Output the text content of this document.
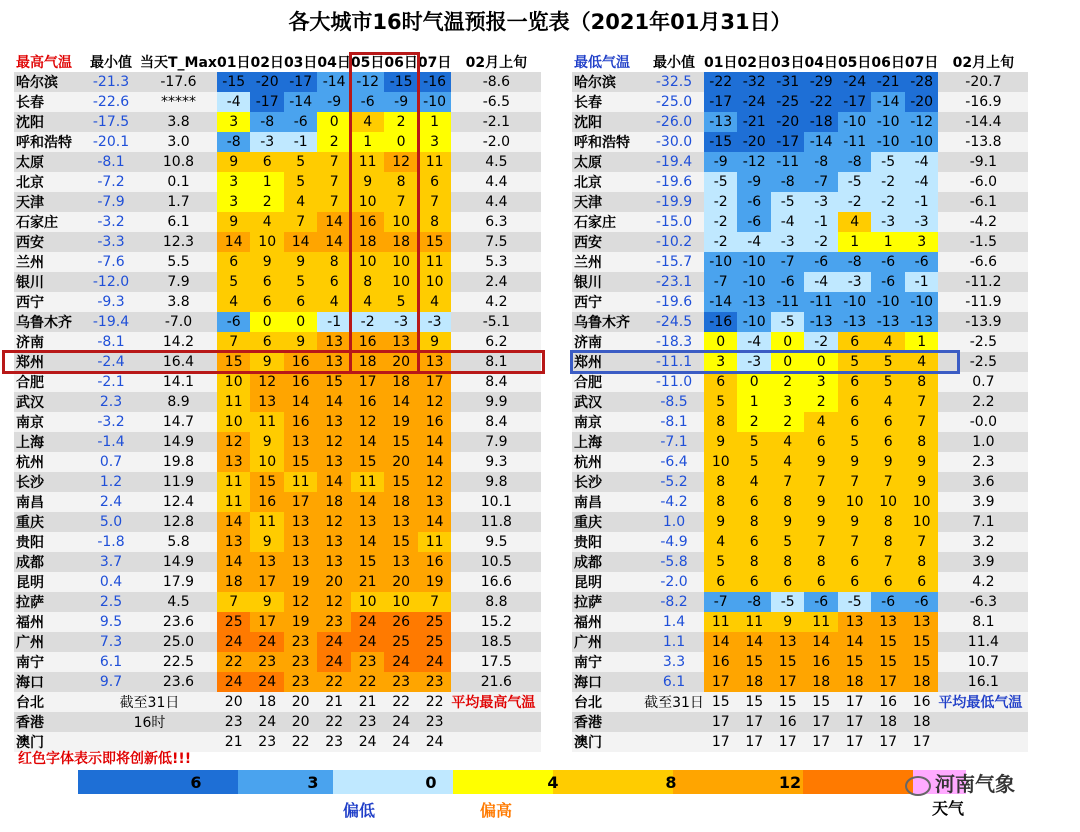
各大城市16时气温预报一览表（2021年01月31日）
最高气温	最小值	当天T_Max	01日	02日	03日	04日	05日	06日	07日	02月上旬
哈尔滨	-21.3	-17.6	-15	-20	-17	-14	-12	-15	-16	-8.6
长春	-22.6	*****	-4	-17	-14	-9	-6	-9	-10	-6.5
沈阳	-17.5	3.8	3	-8	-6	0	4	2	1	-2.1
呼和浩特	-20.1	3.0	-8	-3	-1	2	1	0	3	-2.0
太原	-8.1	10.8	9	6	5	7	11	12	11	4.5
北京	-7.2	0.1	3	1	5	7	9	8	6	4.4
天津	-7.9	1.7	3	2	4	7	10	7	7	4.4
石家庄	-3.2	6.1	9	4	7	14	16	10	8	6.3
西安	-3.3	12.3	14	10	14	14	18	18	15	7.5
兰州	-7.6	5.5	6	9	9	8	10	10	11	5.3
银川	-12.0	7.9	5	6	5	6	8	10	10	2.4
西宁	-9.3	3.8	4	6	6	4	4	5	4	4.2
乌鲁木齐	-19.4	-7.0	-6	0	0	-1	-2	-3	-3	-5.1
济南	-8.1	14.2	7	6	9	13	16	13	9	6.2
郑州	-2.4	16.4	15	9	16	13	18	20	13	8.1
合肥	-2.1	14.1	10	12	16	15	17	18	17	8.4
武汉	2.3	8.9	11	13	14	14	16	14	12	9.9
南京	-3.2	14.7	10	11	16	13	12	19	16	8.4
上海	-1.4	14.9	12	9	13	12	14	15	14	7.9
杭州	0.7	19.8	13	10	15	13	15	20	14	9.3
长沙	1.2	11.9	11	15	11	14	11	15	12	9.8
南昌	2.4	12.4	11	16	17	18	14	18	13	10.1
重庆	5.0	12.8	14	11	13	12	13	13	14	11.8
贵阳	-1.8	5.8	13	9	13	13	14	15	11	9.5
成都	3.7	14.9	14	13	13	13	15	13	16	10.5
昆明	0.4	17.9	18	17	19	20	21	20	19	16.6
拉萨	2.5	4.5	7	9	12	12	10	10	7	8.8
福州	9.5	23.6	25	17	19	23	24	26	25	15.2
广州	7.3	25.0	24	24	23	24	24	25	25	18.5
南宁	6.1	22.5	22	23	23	24	23	24	24	17.5
海口	9.7	23.6	24	24	23	22	22	23	23	21.6
台北	截至31日		20	18	20	21	21	22	22	平均最高气温
香港	16时		23	24	20	22	23	24	23	
澳门			21	23	22	23	24	24	24	
最低气温	最小值	01日	02日	03日	04日	05日	06日	07日	02月上旬
哈尔滨	-32.5	-22	-32	-31	-29	-24	-21	-28	-20.7
长春	-25.0	-17	-24	-25	-22	-17	-14	-20	-16.9
沈阳	-26.0	-13	-21	-20	-18	-10	-10	-12	-14.4
呼和浩特	-30.0	-15	-20	-17	-14	-11	-10	-10	-13.8
太原	-19.4	-9	-12	-11	-8	-8	-5	-4	-9.1
北京	-19.6	-5	-9	-8	-7	-5	-2	-4	-6.0
天津	-19.9	-2	-6	-5	-3	-2	-2	-1	-6.1
石家庄	-15.0	-2	-6	-4	-1	4	-3	-3	-4.2
西安	-10.2	-2	-4	-3	-2	1	1	3	-1.5
兰州	-15.7	-10	-10	-7	-6	-8	-6	-6	-6.6
银川	-23.1	-7	-10	-6	-4	-3	-6	-1	-11.2
西宁	-19.6	-14	-13	-11	-11	-10	-10	-10	-11.9
乌鲁木齐	-24.5	-16	-10	-5	-13	-13	-13	-13	-13.9
济南	-18.3	0	-4	0	-2	6	4	1	-2.5
郑州	-11.1	3	-3	0	0	5	5	4	-2.5
合肥	-11.0	6	0	2	3	6	5	8	0.7
武汉	-8.5	5	1	3	2	6	4	7	2.2
南京	-8.1	8	2	2	4	6	6	7	-0.0
上海	-7.1	9	5	4	6	5	6	8	1.0
杭州	-6.4	10	5	4	9	9	9	9	2.3
长沙	-5.2	8	4	7	7	7	7	9	3.6
南昌	-4.2	8	6	8	9	10	10	10	3.9
重庆	1.0	9	8	9	9	9	8	10	7.1
贵阳	-4.9	4	6	5	7	7	8	7	3.2
成都	-5.8	5	8	8	8	6	7	8	3.9
昆明	-2.0	6	6	6	6	6	6	6	4.2
拉萨	-8.2	-7	-8	-5	-6	-5	-6	-6	-6.3
福州	1.4	11	11	9	11	13	13	13	8.1
广州	1.1	14	14	13	14	14	15	15	11.4
南宁	3.3	16	15	15	16	15	15	15	10.7
海口	6.1	17	18	17	18	18	17	18	16.1
台北	截至31日	15	15	15	15	17	16	16	平均最低气温
香港		17	17	16	17	17	18	18	
澳门		17	17	17	17	17	17	17	
红色字体表示即将创新低!!!
6	3	0	4	8	12
偏低	偏高
河南气象
天气
